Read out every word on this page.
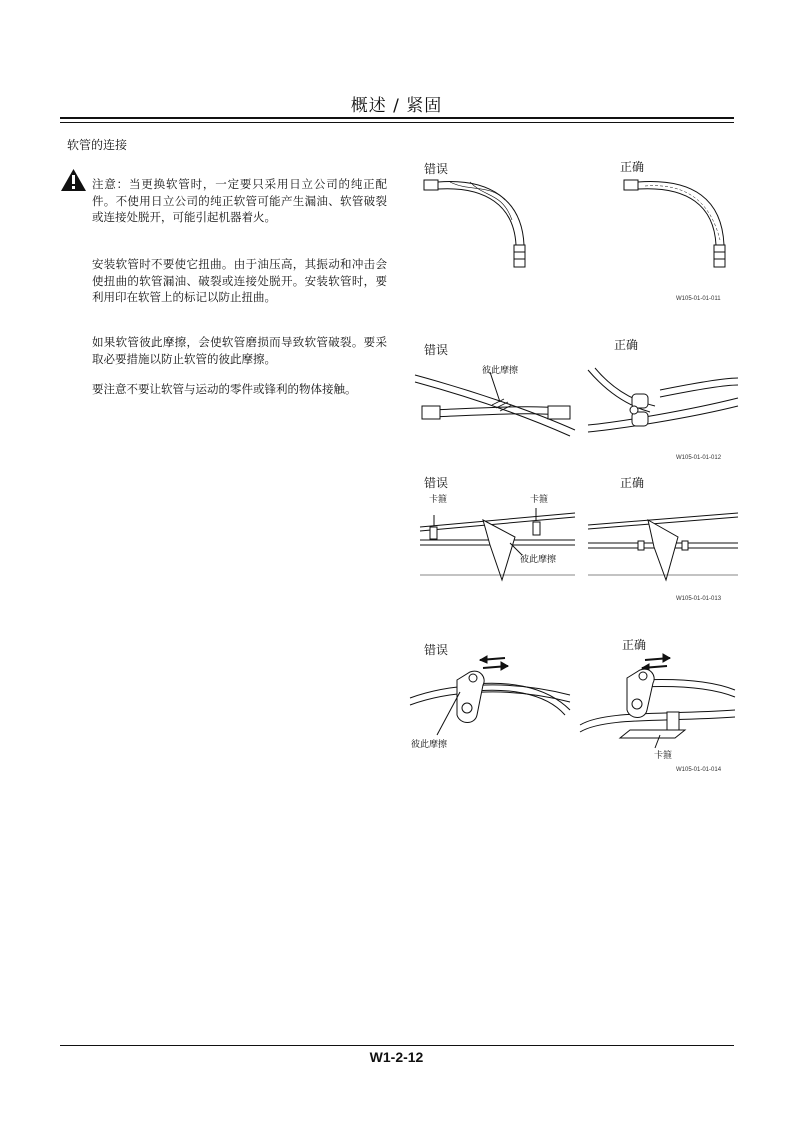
概述 / 紧固
软管的连接
注意：当更换软管时，一定要只采用日立公司的纯正配件。不使用日立公司的纯正软管可能产生漏油、软管破裂或连接处脱开，可能引起机器着火。
安装软管时不要使它扭曲。由于油压高，其振动和冲击会使扭曲的软管漏油、破裂或连接处脱开。安装软管时，要利用印在软管上的标记以防止扭曲。
如果软管彼此摩擦，会使软管磨损而导致软管破裂。要采取必要措施以防止软管的彼此摩擦。
要注意不要让软管与运动的零件或锋利的物体接触。
错误	正确
W105-01-01-011
错误	正确
彼此摩擦
W105-01-01-012
错误	正确
卡箍	卡箍
彼此摩擦
W105-01-01-013
错误	正确
彼此摩擦
卡箍
W105-01-01-014
W1-2-12
